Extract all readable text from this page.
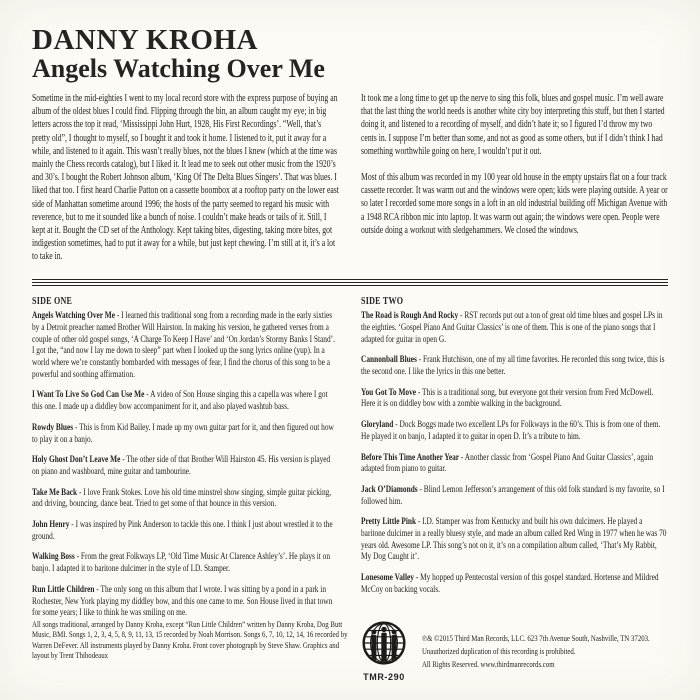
DANNY KROHA
Angels Watching Over Me

Sometime in the mid-eighties I went to my local record store with the express purpose of buying an album of the oldest blues I could find. Flipping through the bin, an album caught my eye; in big letters across the top it read, ‘Mississippi John Hurt, 1928, His First Recordings’. “Well, that’s pretty old”, I thought to myself, so I bought it and took it home. I listened to it, put it away for a while, and listened to it again. This wasn’t really blues, not the blues I knew (which at the time was mainly the Chess records catalog), but I liked it. It lead me to seek out other music from the 1920’s and 30’s. I bought the Robert Johnson album, ‘King Of The Delta Blues Singers’. That was blues. I liked that too. I first heard Charlie Patton on a cassette boombox at a rooftop party on the lower east side of Manhattan sometime around 1996; the hosts of the party seemed to regard his music with reverence, but to me it sounded like a bunch of noise. I couldn’t make heads or tails of it. Still, I kept at it. Bought the CD set of the Anthology. Kept taking bites, digesting, taking more bites, got indigestion sometimes, had to put it away for a while, but just kept chewing. I’m still at it, it’s a lot to take in.

It took me a long time to get up the nerve to sing this folk, blues and gospel music. I’m well aware that the last thing the world needs is another white city boy interpreting this stuff, but then I started doing it, and listened to a recording of myself, and didn’t hate it; so I figured I’d throw my two cents in. I suppose I’m better than some, and not as good as some others, but if I didn’t think I had something worthwhile going on here, I wouldn’t put it out.

Most of this album was recorded in my 100 year old house in the empty upstairs flat on a four track cassette recorder. It was warm out and the windows were open; kids were playing outside. A year or so later I recorded some more songs in a loft in an old industrial building off Michigan Avenue with a 1948 RCA ribbon mic into laptop. It was warm out again; the windows were open. People were outside doing a workout with sledgehammers. We closed the windows.

SIDE ONE

Angels Watching Over Me - I learned this traditional song from a recording made in the early sixties by a Detroit preacher named Brother Will Hairston. In making his version, he gathered verses from a couple of other old gospel songs, ‘A Charge To Keep I Have’ and ‘On Jordan’s Stormy Banks I Stand’. I got the, “and now I lay me down to sleep” part when I looked up the song lyrics online (yup). In a world where we’re constantly bombarded with messages of fear, I find the chorus of this song to be a powerful and soothing affirmation.

I Want To Live So God Can Use Me - A video of Son House singing this a capella was where I got this one. I made up a diddley bow accompaniment for it, and also played washtub bass.

Rowdy Blues - This is from Kid Bailey. I made up my own guitar part for it, and then figured out how to play it on a banjo.

Holy Ghost Don’t Leave Me - The other side of that Brother Will Hairston 45. His version is played on piano and washboard, mine guitar and tambourine.

Take Me Back - I love Frank Stokes. Love his old time minstrel show singing, simple guitar picking, and driving, bouncing, dance beat. Tried to get some of that bounce in this version.

John Henry - I was inspired by Pink Anderson to tackle this one. I think I just about wrestled it to the ground.

Walking Boss - From the great Folkways LP, ‘Old Time Music At Clarence Ashley’s’. He plays it on banjo. I adapted it to baritone dulcimer in the style of I.D. Stamper.

Run Little Children - The only song on this album that I wrote. I was sitting by a pond in a park in Rochester, New York playing my diddley bow, and this one came to me. Son House lived in that town for some years; I like to think he was smiling on me.

SIDE TWO

The Road is Rough And Rocky - RST records put out a ton of great old time blues and gospel LPs in the eighties. ‘Gospel Piano And Guitar Classics’ is one of them. This is one of the piano songs that I adapted for guitar in open G.

Cannonball Blues - Frank Hutchison, one of my all time favorites. He recorded this song twice, this is the second one. I like the lyrics in this one better.

You Got To Move - This is a traditional song, but everyone got their version from Fred McDowell. Here it is on diddley bow with a zombie walking in the background.

Gloryland - Dock Boggs made two excellent LPs for Folkways in the 60’s. This is from one of them. He played it on banjo, I adapted it to guitar in open D. It’s a tribute to him.

Before This Time Another Year - Another classic from ‘Gospel Piano And Guitar Classics’, again adapted from piano to guitar.

Jack O’Diamonds - Blind Lemon Jefferson’s arrangement of this old folk standard is my favorite, so I followed him.

Pretty Little Pink - I.D. Stamper was from Kentucky and built his own dulcimers. He played a baritone dulcimer in a really bluesy style, and made an album called Red Wing in 1977 when he was 70 years old. Awesome LP. This song’s not on it, it’s on a compilation album called, ‘That’s My Rabbit, My Dog Caught it’.

Lonesome Valley - My hopped up Pentecostal version of this gospel standard. Hortense and Mildred McCoy on backing vocals.

All songs traditional, arranged by Danny Kroha, except “Run Little Children” written by Danny Kroha, Dog Butt Music, BMI. Songs 1, 2, 3, 4, 5, 8, 9, 11, 13, 15 recorded by Noah Morrison. Songs 6, 7, 10, 12, 14, 16 recorded by Warren DeFever. All instruments played by Danny Kroha. Front cover photograph by Steve Shaw. Graphics and layout by Trent Thibodeaux
TMR-290
℗& ©2015 Third Man Records, LLC. 623 7th Avenue South, Nashville, TN 37203.
Unauthorized duplication of this recording is prohibited.
All Rights Reserved. www.thirdmanrecords.com
